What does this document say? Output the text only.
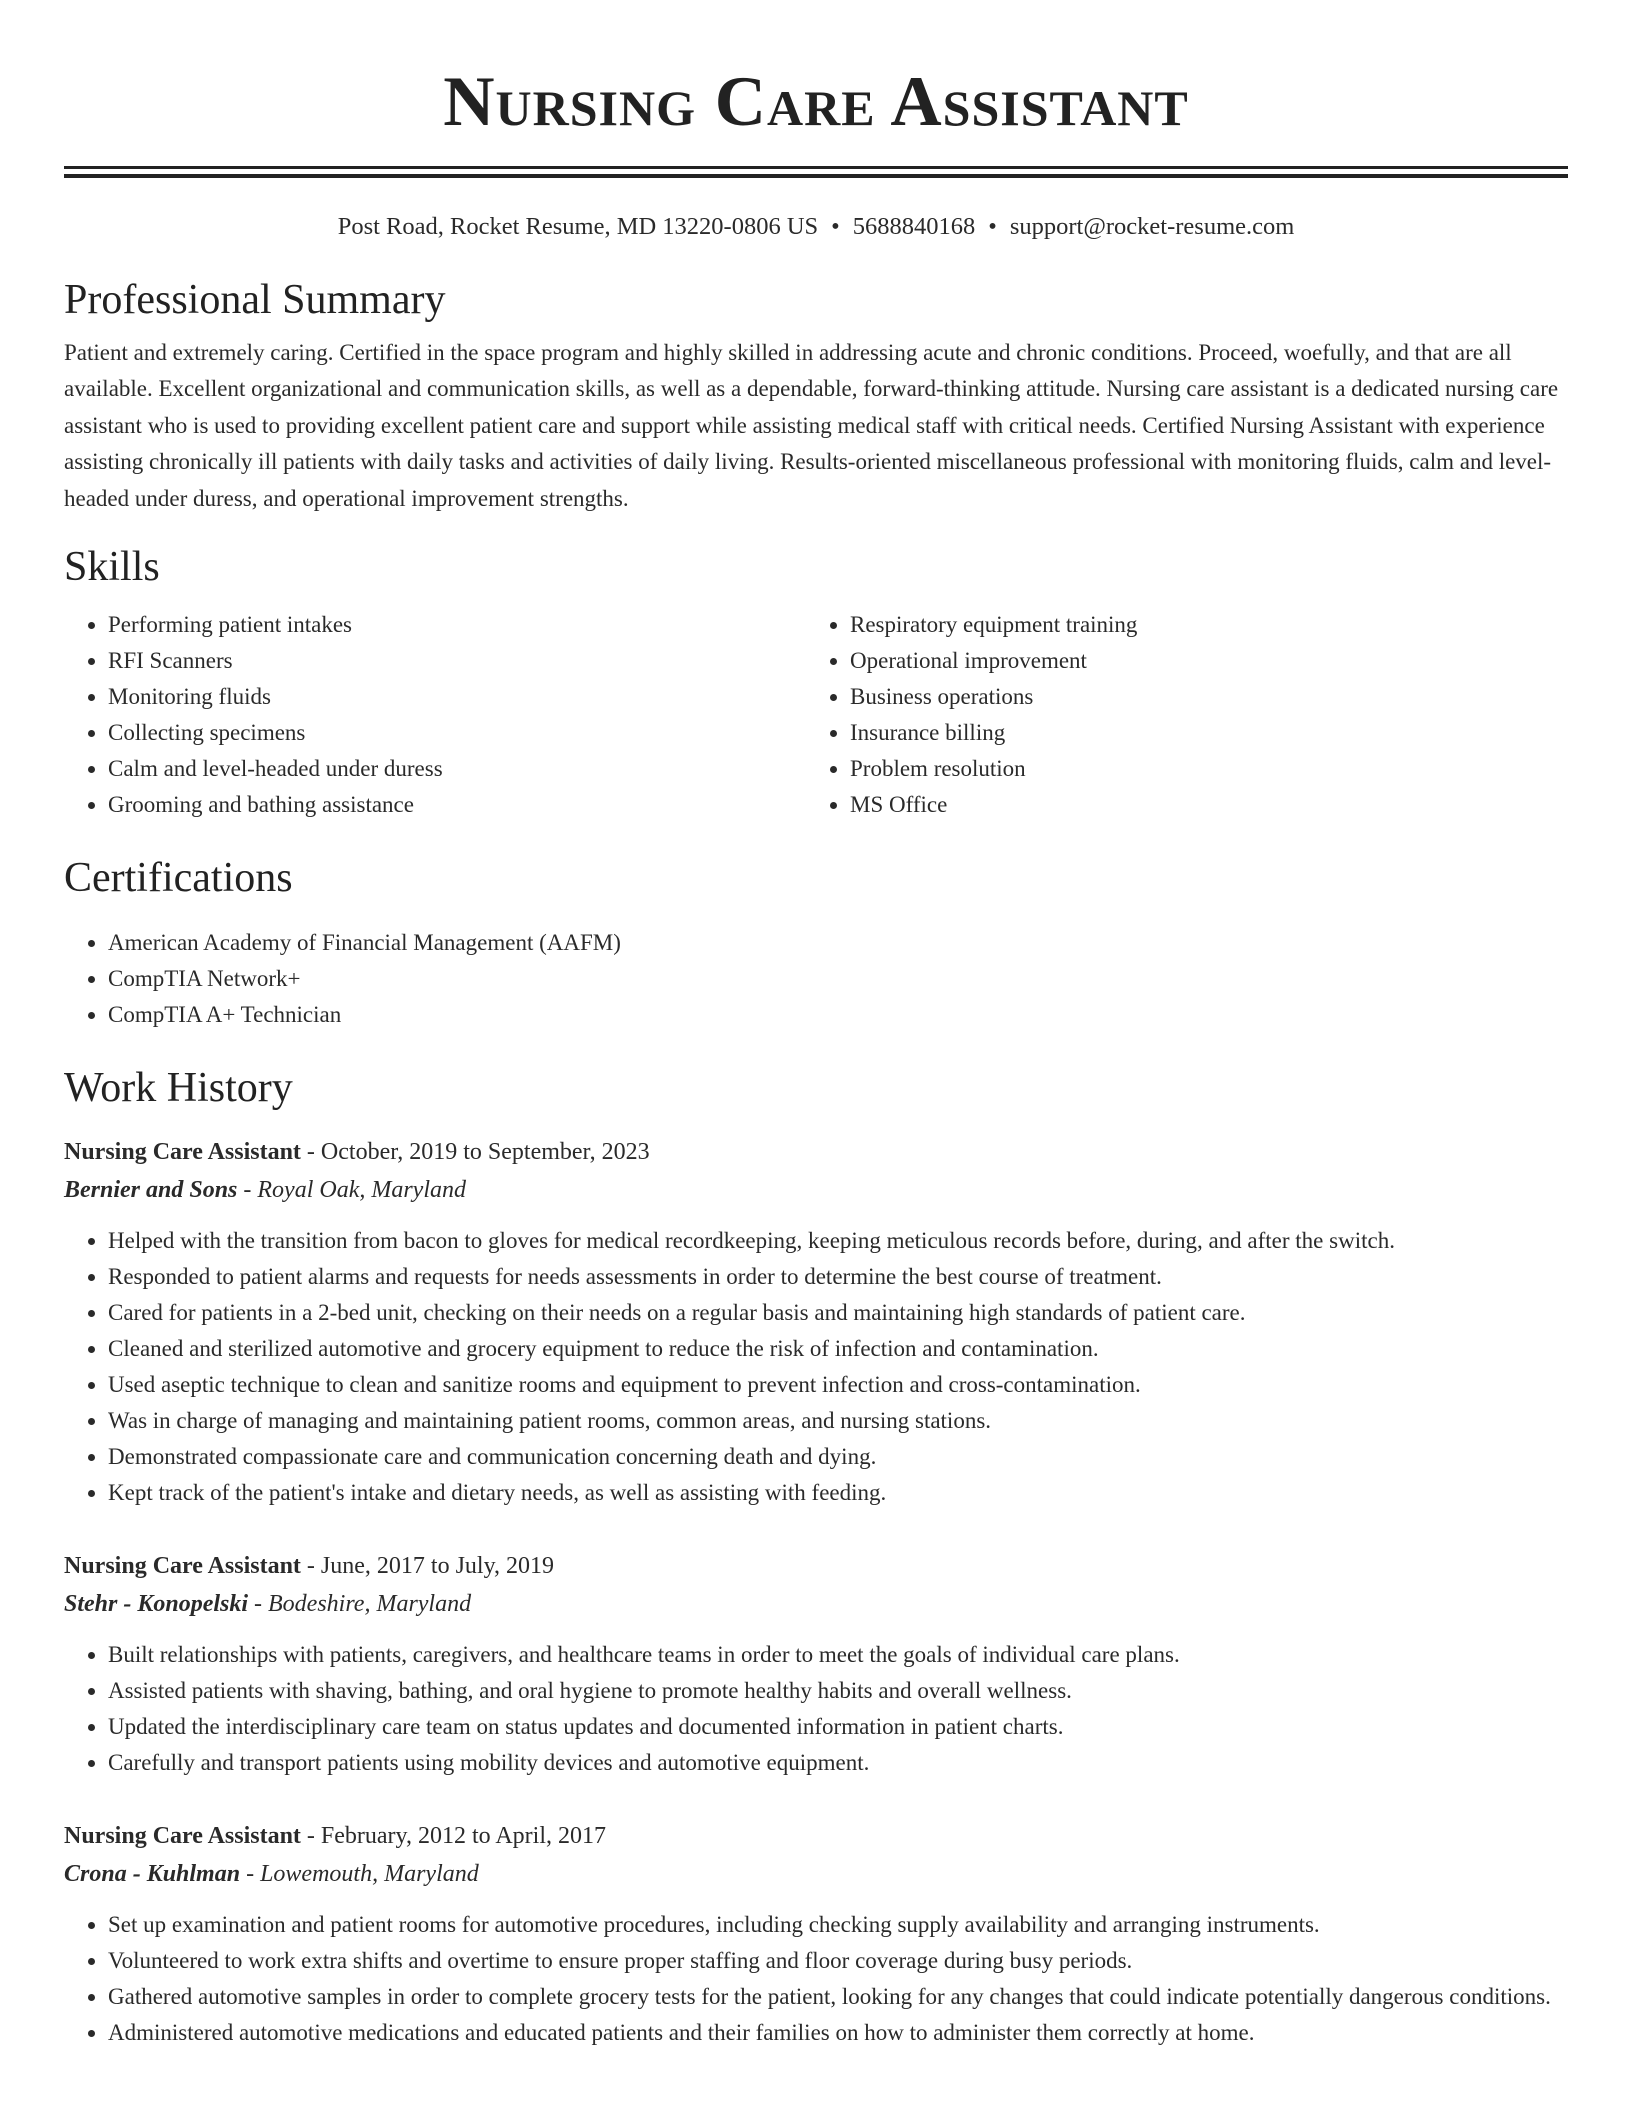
Nursing Care Assistant
Post Road, Rocket Resume, MD 13220-0806 US • 5688840168 • support@rocket-resume.com
Professional Summary

Patient and extremely caring. Certified in the space program and highly skilled in addressing acute and chronic conditions. Proceed, woefully, and that are all available. Excellent organizational and communication skills, as well as a dependable, forward-thinking attitude. Nursing care assistant is a dedicated nursing care assistant who is used to providing excellent patient care and support while assisting medical staff with critical needs. Certified Nursing Assistant with experience assisting chronically ill patients with daily tasks and activities of daily living. Results-oriented miscellaneous professional with monitoring fluids, calm and level-headed under duress, and operational improvement strengths.

Skills
• Performing patient intakes
• RFI Scanners
• Monitoring fluids
• Collecting specimens
• Calm and level-headed under duress
• Grooming and bathing assistance
• Respiratory equipment training
• Operational improvement
• Business operations
• Insurance billing
• Problem resolution
• MS Office
Certifications
• American Academy of Financial Management (AAFM)
• CompTIA Network+
• CompTIA A+ Technician
Work History
Nursing Care Assistant - October, 2019 to September, 2023
Bernier and Sons - Royal Oak, Maryland
• Helped with the transition from bacon to gloves for medical recordkeeping, keeping meticulous records before, during, and after the switch.
• Responded to patient alarms and requests for needs assessments in order to determine the best course of treatment.
• Cared for patients in a 2-bed unit, checking on their needs on a regular basis and maintaining high standards of patient care.
• Cleaned and sterilized automotive and grocery equipment to reduce the risk of infection and contamination.
• Used aseptic technique to clean and sanitize rooms and equipment to prevent infection and cross-contamination.
• Was in charge of managing and maintaining patient rooms, common areas, and nursing stations.
• Demonstrated compassionate care and communication concerning death and dying.
• Kept track of the patient's intake and dietary needs, as well as assisting with feeding.
Nursing Care Assistant - June, 2017 to July, 2019
Stehr - Konopelski - Bodeshire, Maryland
• Built relationships with patients, caregivers, and healthcare teams in order to meet the goals of individual care plans.
• Assisted patients with shaving, bathing, and oral hygiene to promote healthy habits and overall wellness.
• Updated the interdisciplinary care team on status updates and documented information in patient charts.
• Carefully and transport patients using mobility devices and automotive equipment.
Nursing Care Assistant - February, 2012 to April, 2017
Crona - Kuhlman - Lowemouth, Maryland
• Set up examination and patient rooms for automotive procedures, including checking supply availability and arranging instruments.
• Volunteered to work extra shifts and overtime to ensure proper staffing and floor coverage during busy periods.
• Gathered automotive samples in order to complete grocery tests for the patient, looking for any changes that could indicate potentially dangerous conditions.
• Administered automotive medications and educated patients and their families on how to administer them correctly at home.
